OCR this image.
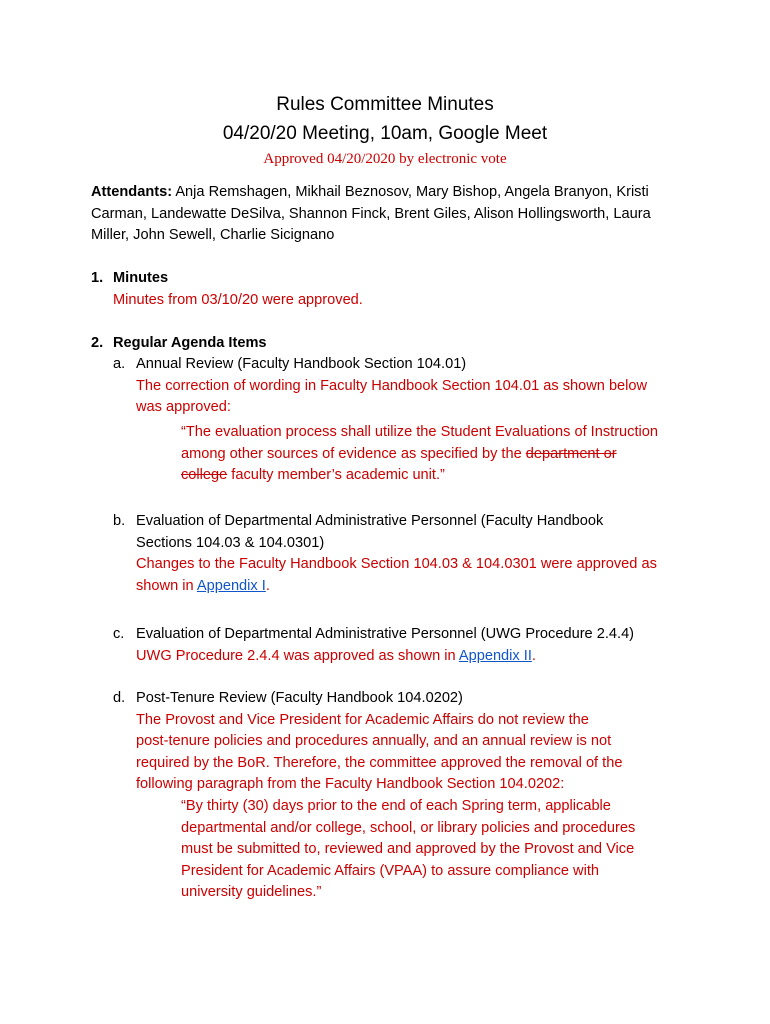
Rules Committee Minutes
04/20/20 Meeting, 10am, Google Meet
Approved 04/20/2020 by electronic vote
Attendants: Anja Remshagen, Mikhail Beznosov, Mary Bishop, Angela Branyon, Kristi
Carman, Landewatte DeSilva, Shannon Finck, Brent Giles, Alison Hollingsworth, Laura
Miller, John Sewell, Charlie Sicignano
1. Minutes
Minutes from 03/10/20 were approved.
2. Regular Agenda Items
a. Annual Review (Faculty Handbook Section 104.01)
The correction of wording in Faculty Handbook Section 104.01 as shown below
was approved:
“The evaluation process shall utilize the Student Evaluations of Instruction
among other sources of evidence as specified by the department or
college faculty member’s academic unit.”
b. Evaluation of Departmental Administrative Personnel (Faculty Handbook
Sections 104.03 & 104.0301)
Changes to the Faculty Handbook Section 104.03 & 104.0301 were approved as
shown in Appendix I.
c. Evaluation of Departmental Administrative Personnel (UWG Procedure 2.4.4)
UWG Procedure 2.4.4 was approved as shown in Appendix II.
d. Post-Tenure Review (Faculty Handbook 104.0202)
The Provost and Vice President for Academic Affairs do not review the
post-tenure policies and procedures annually, and an annual review is not
required by the BoR. Therefore, the committee approved the removal of the
following paragraph from the Faculty Handbook Section 104.0202:
“By thirty (30) days prior to the end of each Spring term, applicable
departmental and/or college, school, or library policies and procedures
must be submitted to, reviewed and approved by the Provost and Vice
President for Academic Affairs (VPAA) to assure compliance with
university guidelines.”
